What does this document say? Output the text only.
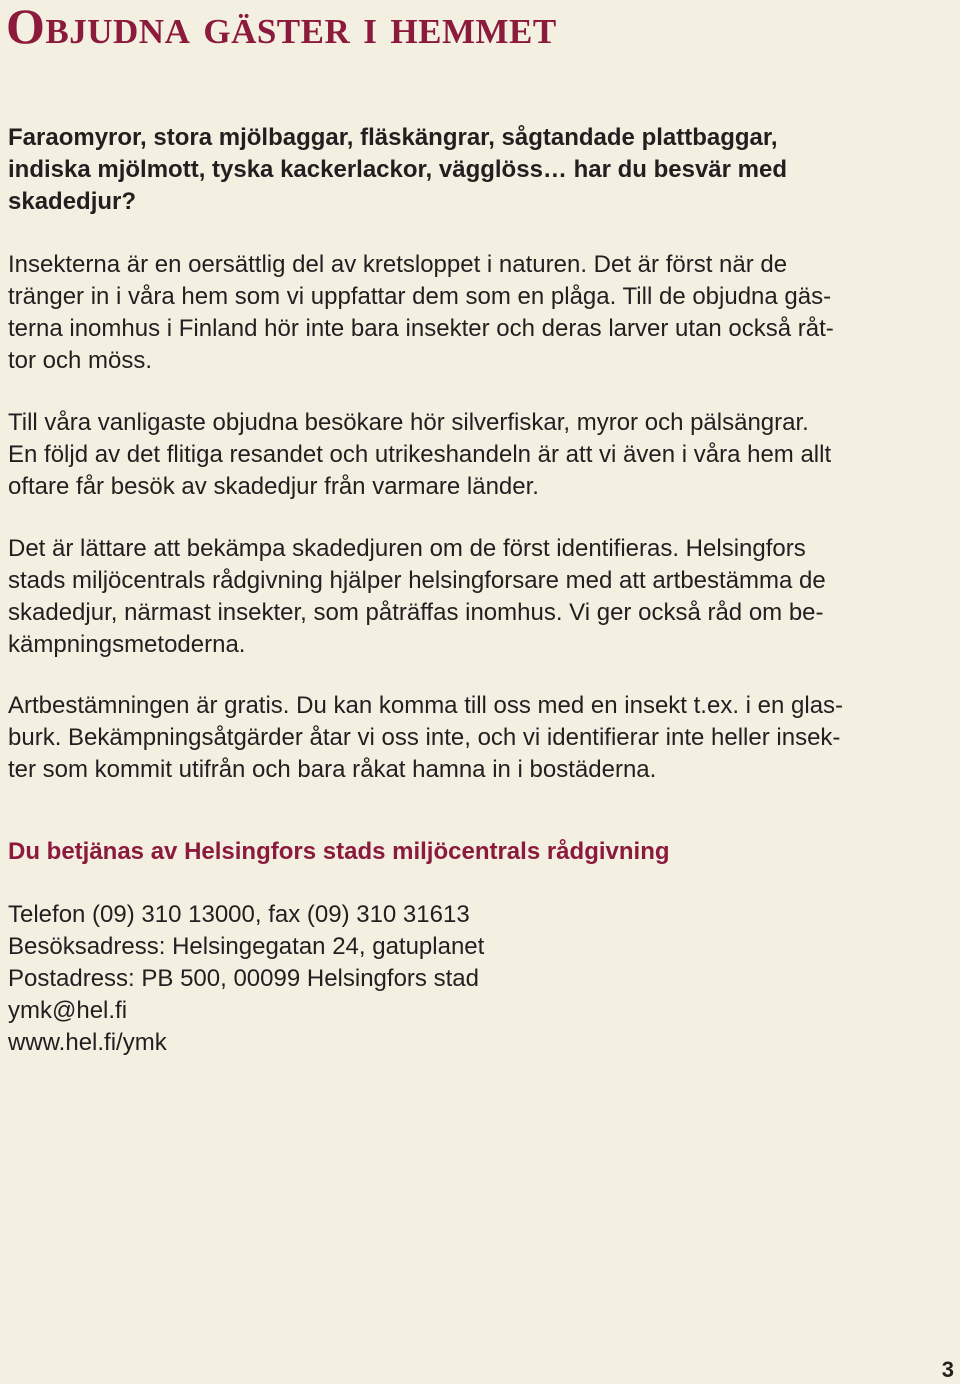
Objudna gäster i hemmet

Faraomyror, stora mjölbaggar, fläskängrar, sågtandade plattbaggar,
indiska mjölmott, tyska kackerlackor, vägglöss… har du besvär med
skadedjur?

Insekterna är en oersättlig del av kretsloppet i naturen. Det är först när de
tränger in i våra hem som vi uppfattar dem som en plåga. Till de objudna gäs-
terna inomhus i Finland hör inte bara insekter och deras larver utan också råt-
tor och möss.

Till våra vanligaste objudna besökare hör silverfiskar, myror och pälsängrar.
En följd av det flitiga resandet och utrikeshandeln är att vi även i våra hem allt
oftare får besök av skadedjur från varmare länder.

Det är lättare att bekämpa skadedjuren om de först identifieras. Helsingfors
stads miljöcentrals rådgivning hjälper helsingforsare med att artbestämma de
skadedjur, närmast insekter, som påträffas inomhus. Vi ger också råd om be-
kämpningsmetoderna.

Artbestämningen är gratis. Du kan komma till oss med en insekt t.ex. i en glas-
burk. Bekämpningsåtgärder åtar vi oss inte, och vi identifierar inte heller insek-
ter som kommit utifrån och bara råkat hamna in i bostäderna.

Du betjänas av Helsingfors stads miljöcentrals rådgivning
Telefon (09) 310 13000, fax (09) 310 31613
Besöksadress: Helsingegatan 24, gatuplanet
Postadress: PB 500, 00099 Helsingfors stad
ymk@hel.fi
www.hel.fi/ymk
3
